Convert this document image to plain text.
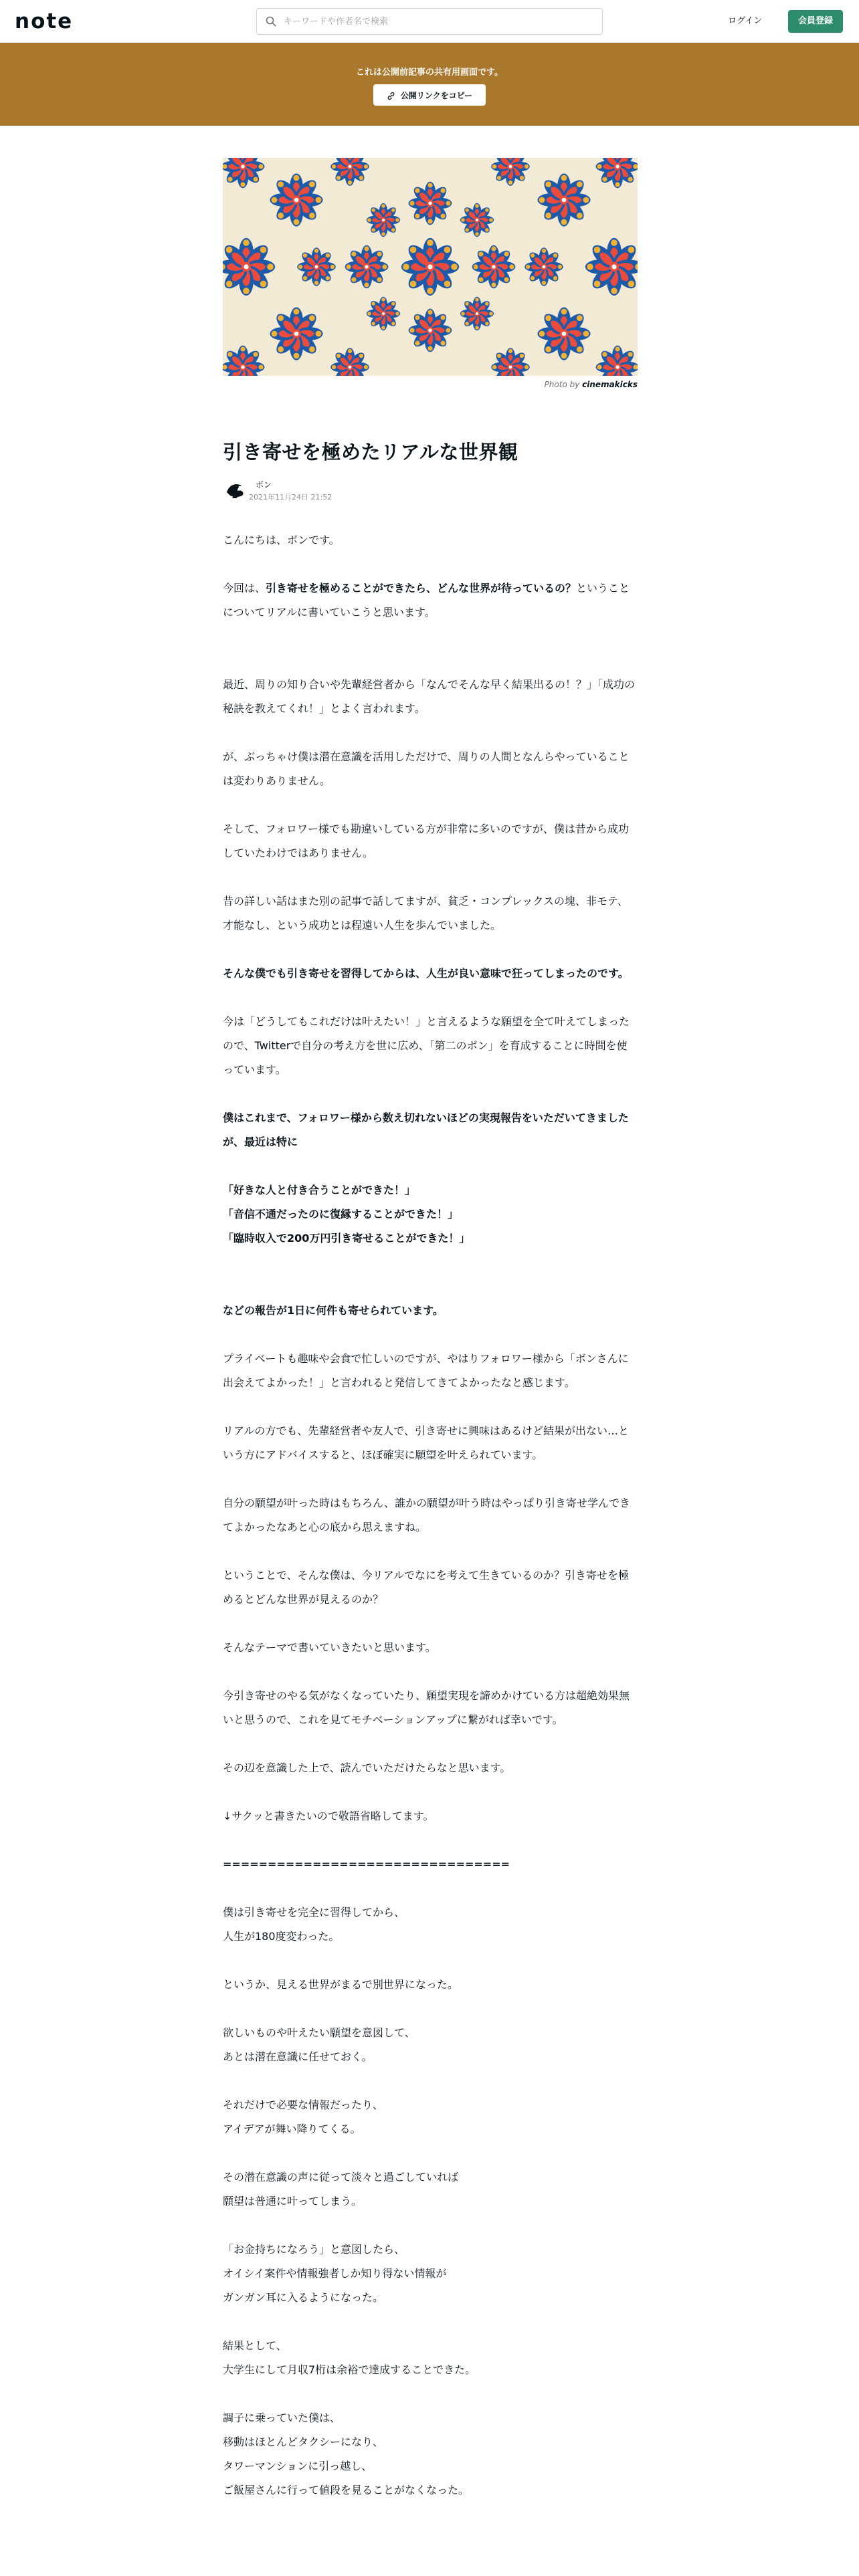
note
キーワードや作者名で検索	ログイン	会員登録
これは公開前記事の共有用画面です。
公開リンクをコピー
Photo by cinemakicks
引き寄せを極めたリアルな世界観
ボン
2021年11月24日 21:52

こんにちは、ボンです。

今回は、引き寄せを極めることができたら、どんな世界が待っているの？ということについてリアルに書いていこうと思います。

最近、周りの知り合いや先輩経営者から「なんでそんな早く結果出るの！？」「成功の秘訣を教えてくれ！」とよく言われます。

が、ぶっちゃけ僕は潜在意識を活用しただけで、周りの人間となんらやっていることは変わりありません。

そして、フォロワー様でも勘違いしている方が非常に多いのですが、僕は昔から成功していたわけではありません。

昔の詳しい話はまた別の記事で話してますが、貧乏・コンプレックスの塊、非モテ、才能なし、という成功とは程遠い人生を歩んでいました。

そんな僕でも引き寄せを習得してからは、人生が良い意味で狂ってしまったのです。

今は「どうしてもこれだけは叶えたい！」と言えるような願望を全て叶えてしまったので、Twitterで自分の考え方を世に広め、「第二のボン」を育成することに時間を使っています。

僕はこれまで、フォロワー様から数え切れないほどの実現報告をいただいてきましたが、最近は特に

「好きな人と付き合うことができた！」

「音信不通だったのに復縁することができた！」

「臨時収入で200万円引き寄せることができた！」

などの報告が1日に何件も寄せられています。

プライベートも趣味や会食で忙しいのですが、やはりフォロワー様から「ボンさんに出会えてよかった！」と言われると発信してきてよかったなと感じます。

リアルの方でも、先輩経営者や友人で、引き寄せに興味はあるけど結果が出ない…という方にアドバイスすると、ほぼ確実に願望を叶えられています。

自分の願望が叶った時はもちろん、誰かの願望が叶う時はやっぱり引き寄せ学んできてよかったなあと心の底から思えますね。

ということで、そんな僕は、今リアルでなにを考えて生きているのか？引き寄せを極めるとどんな世界が見えるのか？

そんなテーマで書いていきたいと思います。

今引き寄せのやる気がなくなっていたり、願望実現を諦めかけている方は超絶効果無いと思うので、これを見てモチベーションアップに繋がれば幸いです。

その辺を意識した上で、読んでいただけたらなと思います。

↓サクッと書きたいので敬語省略してます。

================================

僕は引き寄せを完全に習得してから、

人生が180度変わった。

というか、見える世界がまるで別世界になった。

欲しいものや叶えたい願望を意図して、

あとは潜在意識に任せておく。

それだけで必要な情報だったり、

アイデアが舞い降りてくる。

その潜在意識の声に従って淡々と過ごしていれば

願望は普通に叶ってしまう。

「お金持ちになろう」と意図したら、

オイシイ案件や情報強者しか知り得ない情報が

ガンガン耳に入るようになった。

結果として、

大学生にして月収7桁は余裕で達成することできた。

調子に乗っていた僕は、

移動はほとんどタクシーになり、

タワーマンションに引っ越し、

ご飯屋さんに行って値段を見ることがなくなった。
